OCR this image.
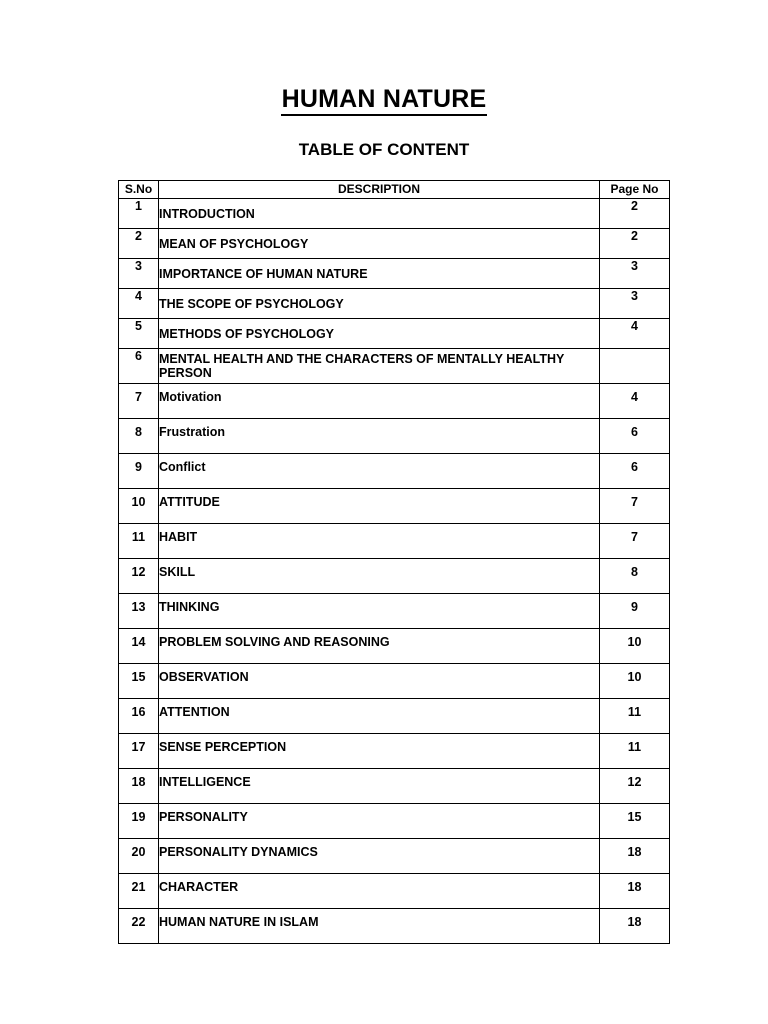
HUMAN NATURE
TABLE OF CONTENT
S.No	DESCRIPTION	Page No
1	INTRODUCTION	2
2	MEAN OF PSYCHOLOGY	2
3	IMPORTANCE OF HUMAN NATURE	3
4	THE SCOPE OF PSYCHOLOGY	3
5	METHODS OF PSYCHOLOGY	4
6	MENTAL HEALTH AND THE CHARACTERS OF MENTALLY HEALTHY PERSON	
7	Motivation	4
8	Frustration	6
9	Conflict	6
10	ATTITUDE	7
11	HABIT	7
12	SKILL	8
13	THINKING	9
14	PROBLEM SOLVING AND REASONING	10
15	OBSERVATION	10
16	ATTENTION	11
17	SENSE PERCEPTION	11
18	INTELLIGENCE	12
19	PERSONALITY	15
20	PERSONALITY DYNAMICS	18
21	CHARACTER	18
22	HUMAN NATURE IN ISLAM	18
